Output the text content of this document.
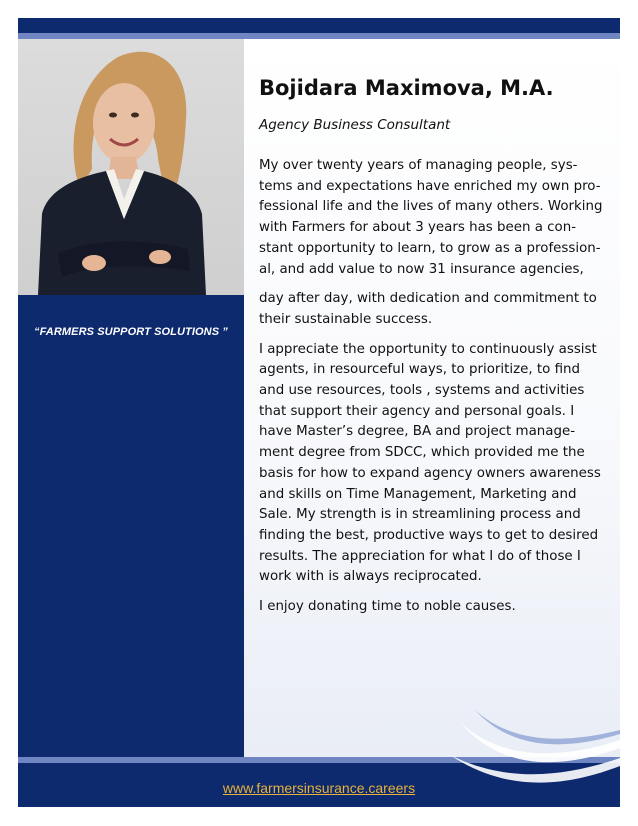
“FARMERS SUPPORT SOLUTIONS ”
Bojidara Maximova, M.A.
Agency Business Consultant

My over twenty years of managing people, sys-
tems and expectations have enriched my own pro-
fessional life and the lives of many others. Working
with Farmers for about 3 years has been a con-
stant opportunity to learn, to grow as a profession-
al, and add value to now 31 insurance agencies,

day after day, with dedication and commitment to
their sustainable success.

I appreciate the opportunity to continuously assist
agents, in resourceful ways, to prioritize, to find
and use resources, tools , systems and activities
that support their agency and personal goals. I
have Master’s degree, BA and project manage-
ment degree from SDCC, which provided me the
basis for how to expand agency owners awareness
and skills on Time Management, Marketing and
Sale. My strength is in streamlining process and
finding the best, productive ways to get to desired
results. The appreciation for what I do of those I
work with is always reciprocated.

I enjoy donating time to noble causes.

www.farmersinsurance.careers
